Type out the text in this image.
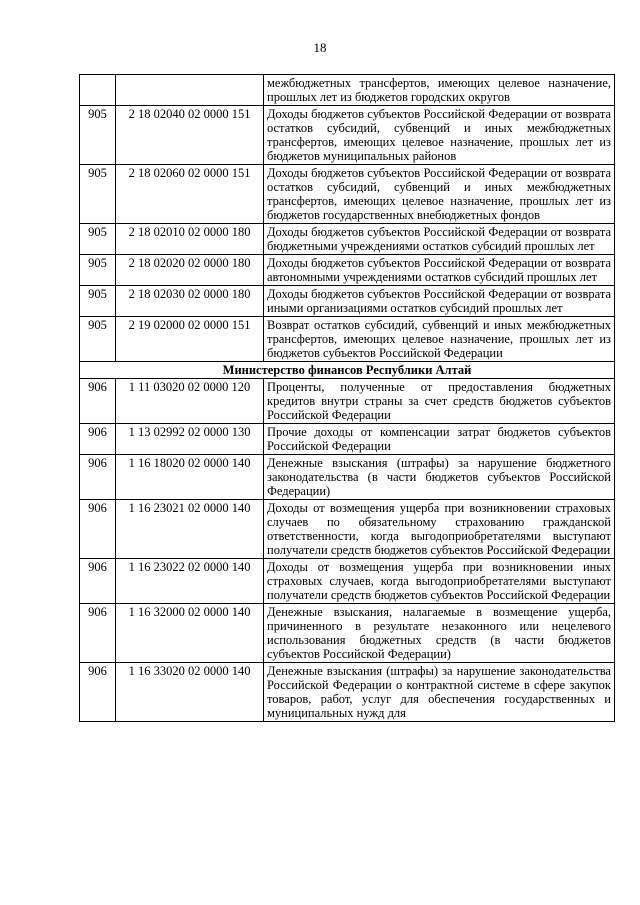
18
		межбюджетных трансфертов, имеющих целевое назначение, прошлых лет из бюджетов городских округов
905	2 18 02040 02 0000 151	Доходы бюджетов субъектов Российской Федерации от возврата остатков субсидий, субвенций и иных межбюджетных трансфертов, имеющих целевое назначение, прошлых лет из бюджетов муниципальных районов
905	2 18 02060 02 0000 151	Доходы бюджетов субъектов Российской Федерации от возврата остатков субсидий, субвенций и иных межбюджетных трансфертов, имеющих целевое назначение, прошлых лет из бюджетов государственных внебюджетных фондов
905	2 18 02010 02 0000 180	Доходы бюджетов субъектов Российской Федерации от возврата бюджетными учреждениями остатков субсидий прошлых лет
905	2 18 02020 02 0000 180	Доходы бюджетов субъектов Российской Федерации от возврата автономными учреждениями остатков субсидий прошлых лет
905	2 18 02030 02 0000 180	Доходы бюджетов субъектов Российской Федерации от возврата иными организациями остатков субсидий прошлых лет
905	2 19 02000 02 0000 151	Возврат остатков субсидий, субвенций и иных межбюджетных трансфертов, имеющих целевое назначение, прошлых лет из бюджетов субъектов Российской Федерации
Министерство финансов Республики Алтай		
906	1 11 03020 02 0000 120	Проценты, полученные от предоставления бюджетных кредитов внутри страны за счет средств бюджетов субъектов Российской Федерации
906	1 13 02992 02 0000 130	Прочие доходы от компенсации затрат бюджетов субъектов Российской Федерации
906	1 16 18020 02 0000 140	Денежные взыскания (штрафы) за нарушение бюджетного законодательства (в части бюджетов субъектов Российской Федерации)
906	1 16 23021 02 0000 140	Доходы от возмещения ущерба при возникновении страховых случаев по обязательному страхованию гражданской ответственности, когда выгодоприобретателями выступают получатели средств бюджетов субъектов Российской Федерации
906	1 16 23022 02 0000 140	Доходы от возмещения ущерба при возникновении иных страховых случаев, когда выгодоприобретателями выступают получатели средств бюджетов субъектов Российской Федерации
906	1 16 32000 02 0000 140	Денежные взыскания, налагаемые в возмещение ущерба, причиненного в результате незаконного или нецелевого использования бюджетных средств (в части бюджетов субъектов Российской Федерации)
906	1 16 33020 02 0000 140	Денежные взыскания (штрафы) за нарушение законодательства Российской Федерации о контрактной системе в сфере закупок товаров, работ, услуг для обеспечения государственных и муниципальных нужд для
